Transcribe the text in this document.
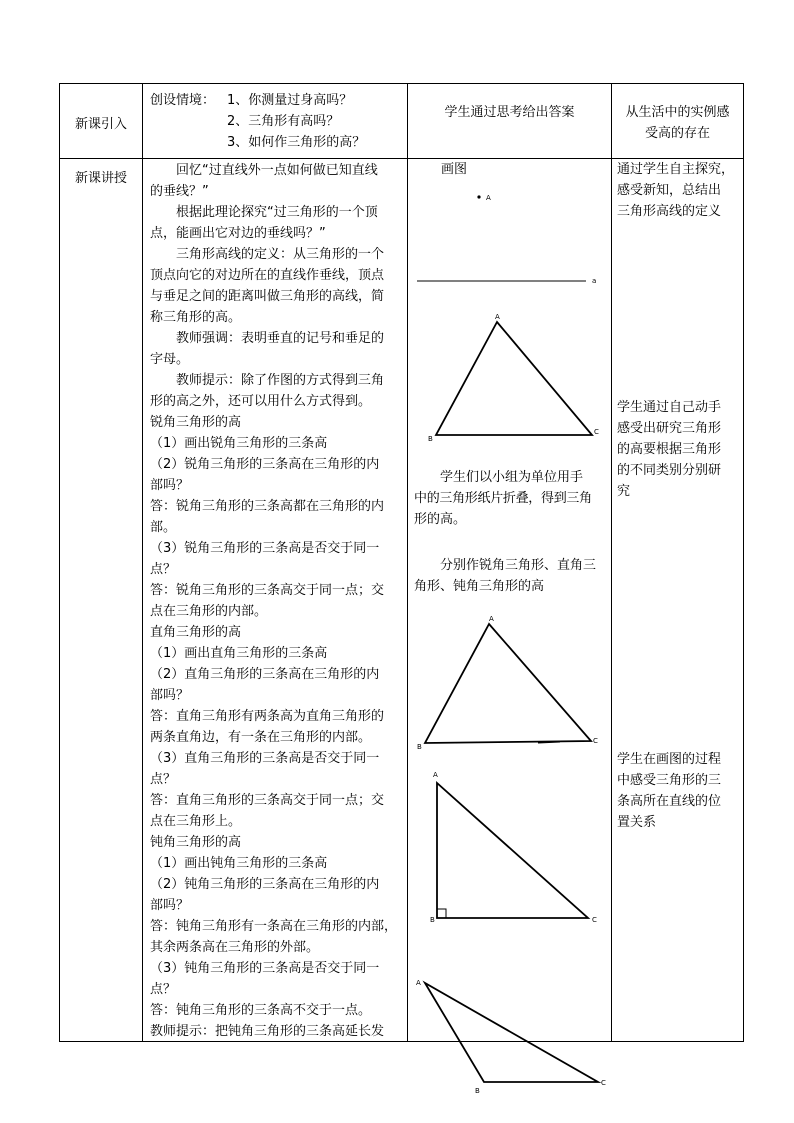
新课引入
创设情境： 1、你测量过身高吗？
2、三角形有高吗？
3、如何作三角形的高？
学生通过思考给出答案	从生活中的实例感
受高的存在
新课讲授
回忆“过直线外一点如何做已知直线
的垂线？”
根据此理论探究“过三角形的一个顶
点，能画出它对边的垂线吗？”
三角形高线的定义：从三角形的一个
顶点向它的对边所在的直线作垂线，顶点
与垂足之间的距离叫做三角形的高线，简
称三角形的高。
教师强调：表明垂直的记号和垂足的
字母。
教师提示：除了作图的方式得到三角
形的高之外，还可以用什么方式得到。
锐角三角形的高
（1）画出锐角三角形的三条高
（2）锐角三角形的三条高在三角形的内
部吗？
答：锐角三角形的三条高都在三角形的内
部。
（3）锐角三角形的三条高是否交于同一
点？
答：锐角三角形的三条高交于同一点；交
点在三角形的内部。
直角三角形的高
（1）画出直角三角形的三条高
（2）直角三角形的三条高在三角形的内
部吗？
答：直角三角形有两条高为直角三角形的
两条直角边，有一条在三角形的内部。
（3）直角三角形的三条高是否交于同一
点？
答：直角三角形的三条高交于同一点；交
点在三角形上。
钝角三角形的高
（1）画出钝角三角形的三条高
（2）钝角三角形的三条高在三角形的内
部吗？
答：钝角三角形有一条高在三角形的内部，
其余两条高在三角形的外部。
（3）钝角三角形的三条高是否交于同一
点？
答：钝角三角形的三条高不交于一点。
教师提示：把钝角三角形的三条高延长发
画图
学生们以小组为单位用手
中的三角形纸片折叠，得到三角
形的高。
分别作锐角三角形、直角三
角形、钝角三角形的高
通过学生自主探究，
感受新知，总结出
三角形高线的定义
学生通过自己动手
感受出研究三角形
的高要根据三角形
的不同类别分别研
究
学生在画图的过程
中感受三角形的三
条高所在直线的位
置关系
A
a
A
B
C
A
B
C
A
B	C
A
B
C
